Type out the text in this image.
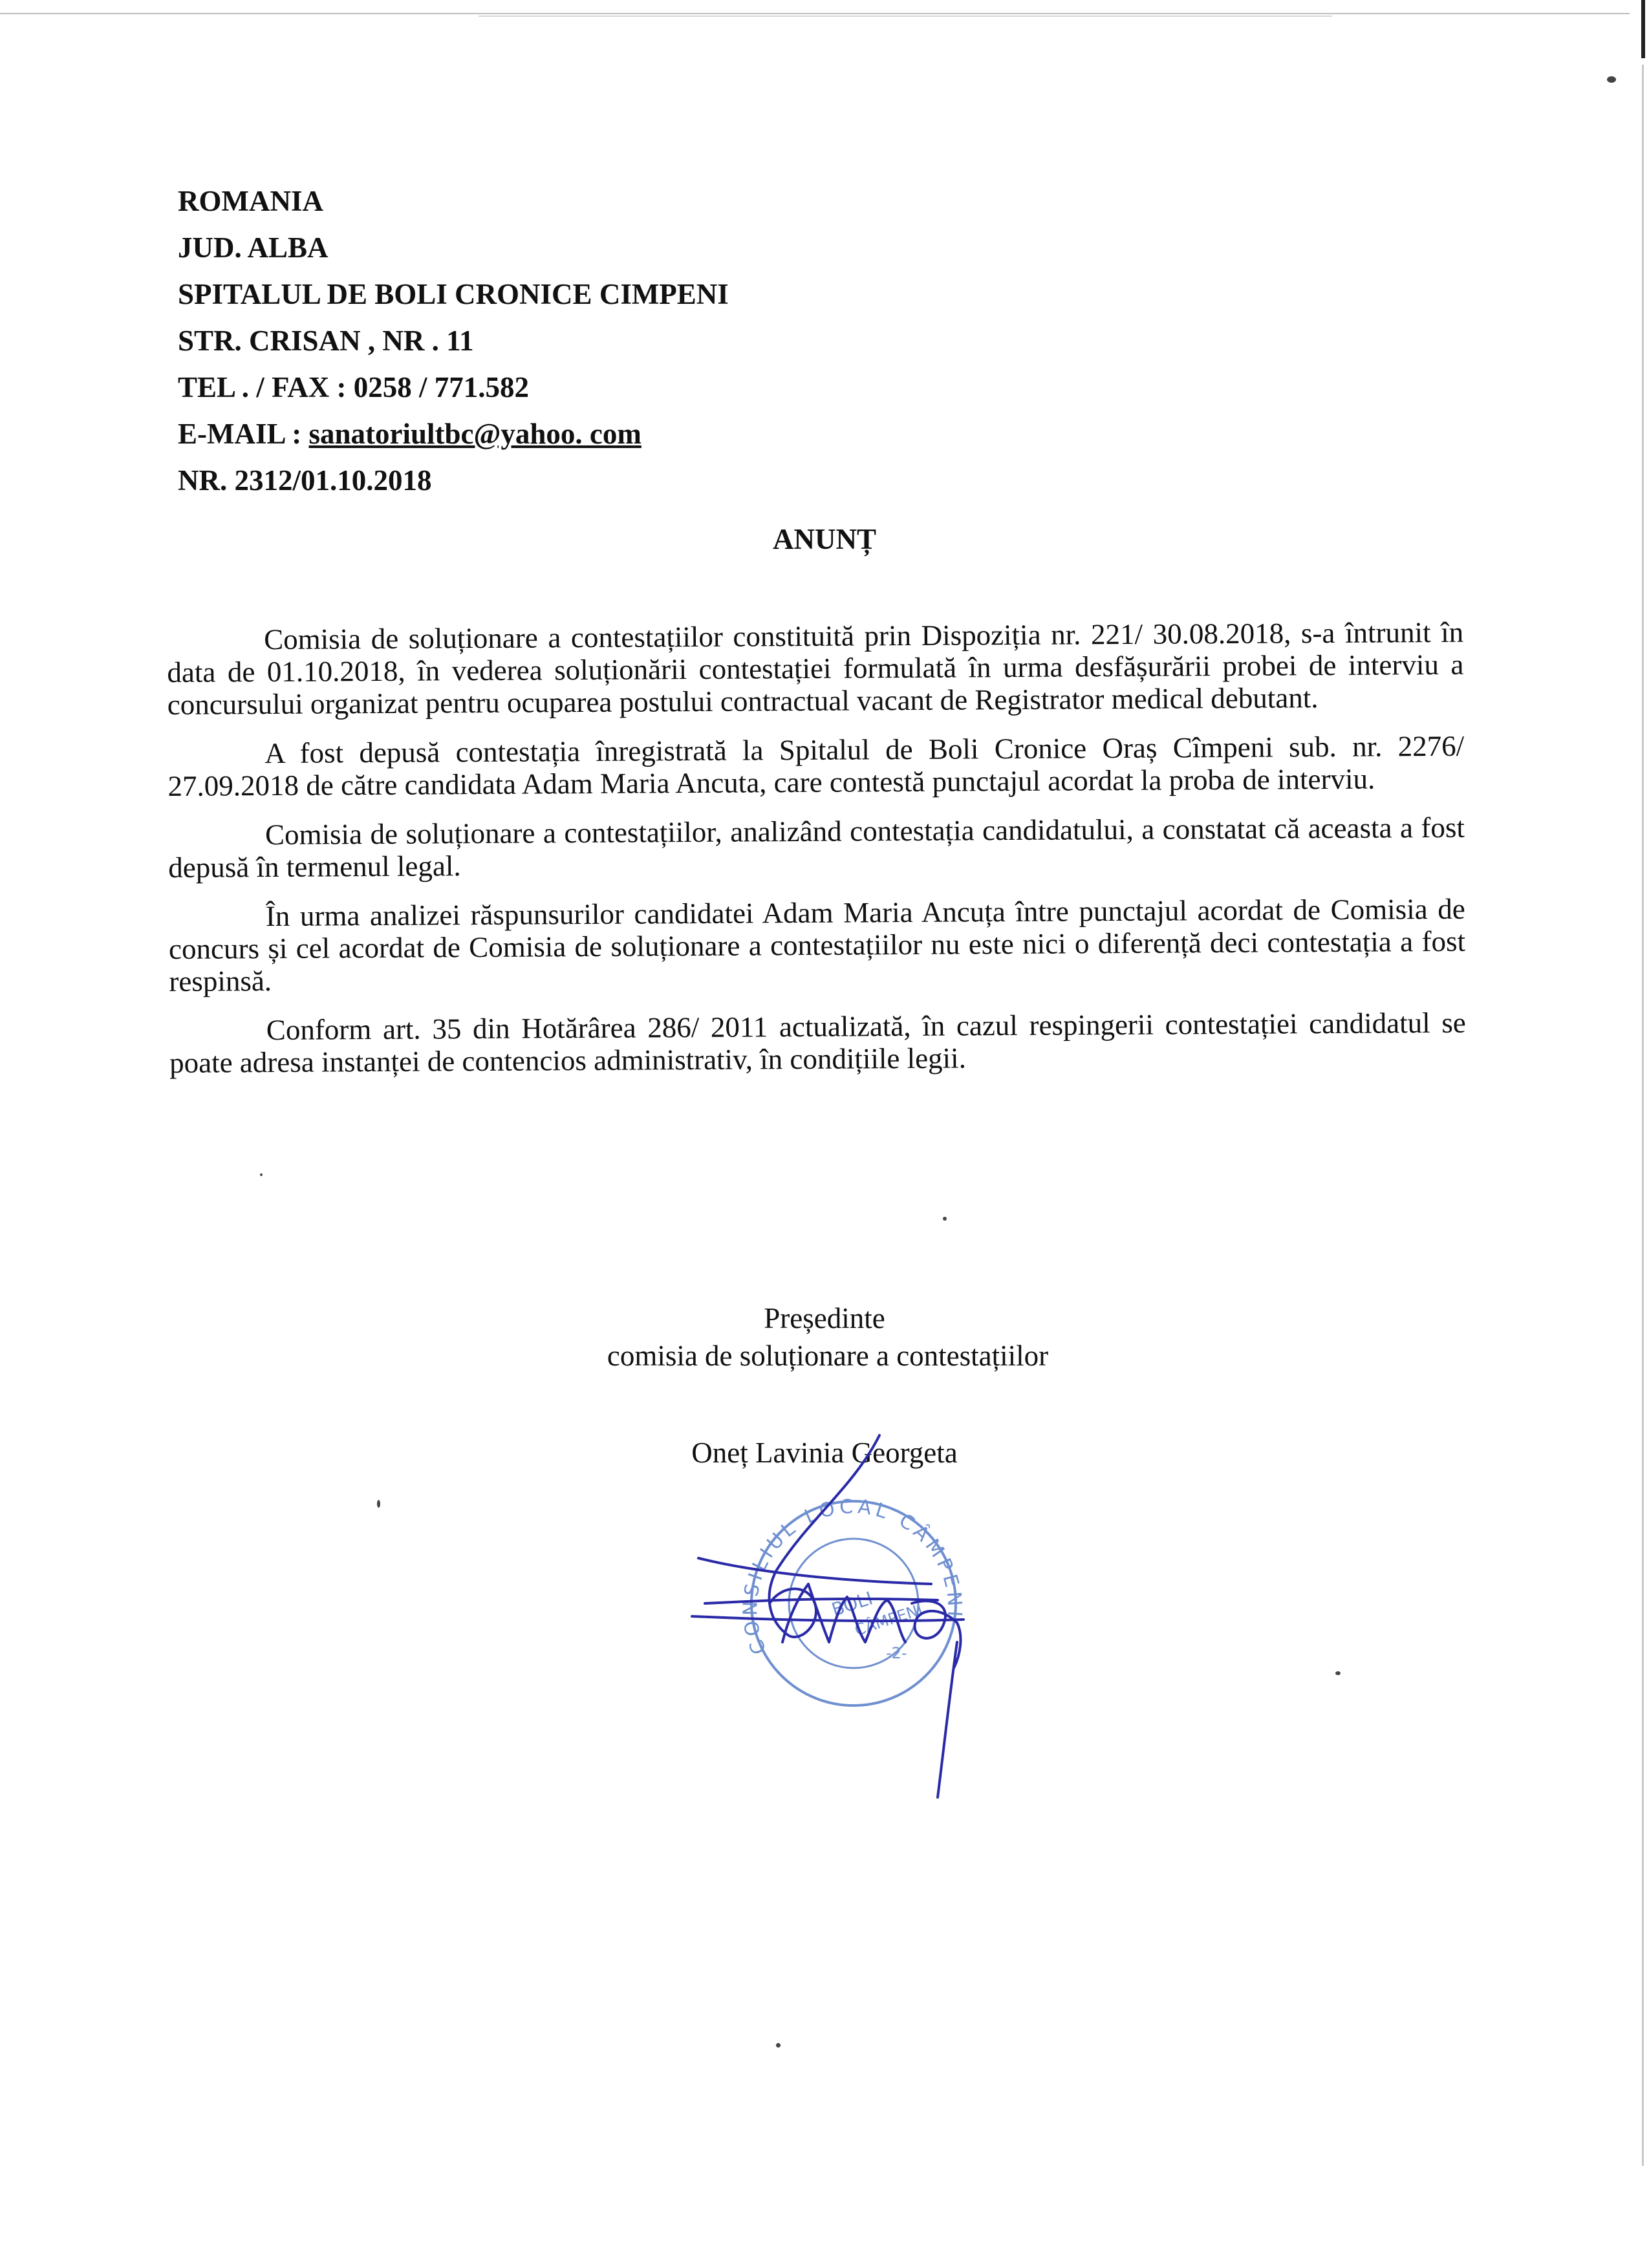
ROMANIA
JUD. ALBA
SPITALUL DE BOLI CRONICE CIMPENI
STR. CRISAN , NR . 11
TEL . / FAX : 0258 / 771.582
E-MAIL : sanatoriultbc@yahoo. com
NR. 2312/01.10.2018
ANUNȚ

Comisia de soluționare a contestațiilor constituită prin Dispoziția nr. 221/ 30.08.2018, s-a întrunit în data de 01.10.2018, în vederea soluționării contestației formulată în urma desfășurării probei de interviu a concursului organizat pentru ocuparea postului contractual vacant de Registrator medical debutant.

A fost depusă contestația înregistrată la Spitalul de Boli Cronice Oraș Cîmpeni sub. nr. 2276/ 27.09.2018 de către candidata Adam Maria Ancuta, care contestă punctajul acordat la proba de interviu.

Comisia de soluționare a contestațiilor, analizând contestația candidatului, a constatat că aceasta a fost depusă în termenul legal.

În urma analizei răspunsurilor candidatei Adam Maria Ancuța între punctajul acordat de Comisia de concurs și cel acordat de Comisia de soluționare a contestațiilor nu este nici o diferență deci contestația a fost respinsă.

Conform art. 35 din Hotărârea 286/ 2011 actualizată, în cazul respingerii contestației candidatul se poate adresa instanței de contencios administrativ, în condițiile legii.

Președinte
comisia de soluționare a contestațiilor
Oneț Lavinia Georgeta
CONSILIUL LOCAL CÂMPENI
BOLI
CÂMPENI
-2-
